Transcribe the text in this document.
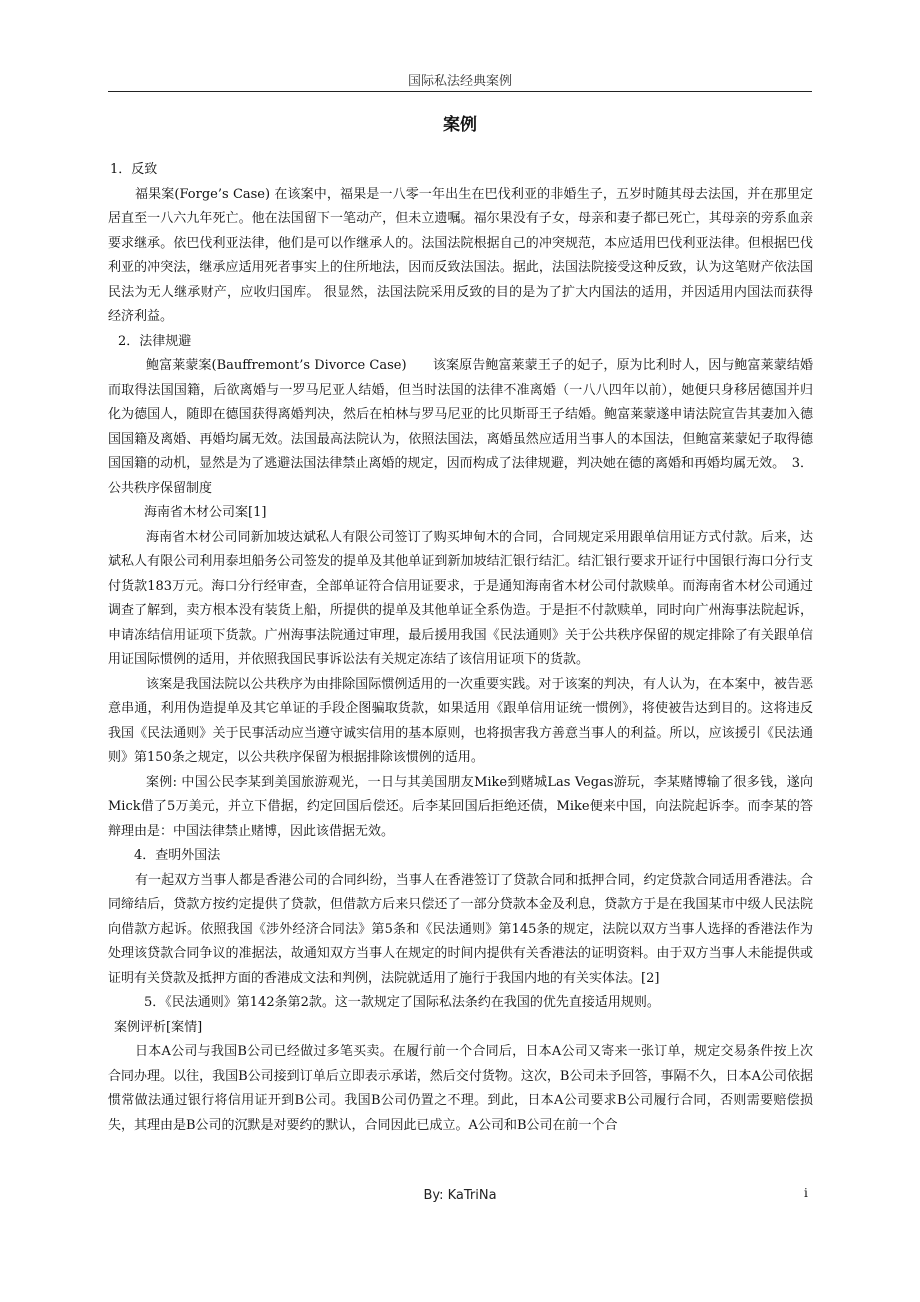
国际私法经典案例
案例

1．反致

福果案(Forge’s Case) 在该案中，福果是一八零一年出生在巴伐利亚的非婚生子，五岁时随其母去法国，并在那里定居直至一八六九年死亡。他在法国留下一笔动产，但未立遗嘱。福尔果没有子女，母亲和妻子都已死亡，其母亲的旁系血亲要求继承。依巴伐利亚法律，他们是可以作继承人的。法国法院根据自己的冲突规范，本应适用巴伐利亚法律。但根据巴伐利亚的冲突法，继承应适用死者事实上的住所地法，因而反致法国法。据此，法国法院接受这种反致，认为这笔财产依法国民法为无人继承财产，应收归国库。 很显然，法国法院采用反致的目的是为了扩大内国法的适用，并因适用内国法而获得经济利益。

2．法律规避

鲍富莱蒙案(Bauffremont’s Divorce Case)　　该案原告鲍富莱蒙王子的妃子，原为比利时人，因与鲍富莱蒙结婚而取得法国国籍，后欲离婚与一罗马尼亚人结婚，但当时法国的法律不准离婚（一八八四年以前），她便只身移居德国并归化为德国人，随即在德国获得离婚判决，然后在柏林与罗马尼亚的比贝斯哥王子结婚。鲍富莱蒙遂申请法院宣告其妻加入德国国籍及离婚、再婚均属无效。法国最高法院认为，依照法国法，离婚虽然应适用当事人的本国法，但鲍富莱蒙妃子取得德国国籍的动机，显然是为了逃避法国法律禁止离婚的规定，因而构成了法律规避，判决她在德的离婚和再婚均属无效。　3．公共秩序保留制度

海南省木材公司案[1]

海南省木材公司同新加坡达斌私人有限公司签订了购买坤甸木的合同，合同规定采用跟单信用证方式付款。后来，达斌私人有限公司利用泰坦船务公司签发的提单及其他单证到新加坡结汇银行结汇。结汇银行要求开证行中国银行海口分行支付货款183万元。海口分行经审查，全部单证符合信用证要求，于是通知海南省木材公司付款赎单。而海南省木材公司通过调查了解到，卖方根本没有装货上船，所提供的提单及其他单证全系伪造。于是拒不付款赎单，同时向广州海事法院起诉，申请冻结信用证项下货款。广州海事法院通过审理，最后援用我国《民法通则》关于公共秩序保留的规定排除了有关跟单信用证国际惯例的适用，并依照我国民事诉讼法有关规定冻结了该信用证项下的货款。

该案是我国法院以公共秩序为由排除国际惯例适用的一次重要实践。对于该案的判决，有人认为，在本案中，被告恶意串通，利用伪造提单及其它单证的手段企图骗取货款，如果适用《跟单信用证统一惯例》，将使被告达到目的。这将违反我国《民法通则》关于民事活动应当遵守诚实信用的基本原则，也将损害我方善意当事人的利益。所以，应该援引《民法通则》第150条之规定，以公共秩序保留为根据排除该惯例的适用。

案例: 中国公民李某到美国旅游观光，一日与其美国朋友Mike到赌城Las Vegas游玩，李某赌博输了很多钱，遂向Mick借了5万美元，并立下借据，约定回国后偿还。后李某回国后拒绝还债，Mike便来中国，向法院起诉李。而李某的答辩理由是：中国法律禁止赌博，因此该借据无效。

4．查明外国法

有一起双方当事人都是香港公司的合同纠纷，当事人在香港签订了贷款合同和抵押合同，约定贷款合同适用香港法。合同缔结后，贷款方按约定提供了贷款，但借款方后来只偿还了一部分贷款本金及利息，贷款方于是在我国某市中级人民法院向借款方起诉。依照我国《涉外经济合同法》第5条和《民法通则》第145条的规定，法院以双方当事人选择的香港法作为处理该贷款合同争议的准据法，故通知双方当事人在规定的时间内提供有关香港法的证明资料。由于双方当事人未能提供或证明有关贷款及抵押方面的香港成文法和判例，法院就适用了施行于我国内地的有关实体法。[2]

5．《民法通则》第142条第2款。这一款规定了国际私法条约在我国的优先直接适用规则。

案例评析[案情]

日本A公司与我国B公司已经做过多笔买卖。在履行前一个合同后，日本A公司又寄来一张订单，规定交易条件按上次合同办理。以往，我国B公司接到订单后立即表示承诺，然后交付货物。这次，B公司未予回答，事隔不久，日本A公司依据惯常做法通过银行将信用证开到B公司。我国B公司仍置之不理。到此，日本A公司要求B公司履行合同，否则需要赔偿损失，其理由是B公司的沉默是对要约的默认，合同因此已成立。A公司和B公司在前一个合

By: KaTriNa	i
